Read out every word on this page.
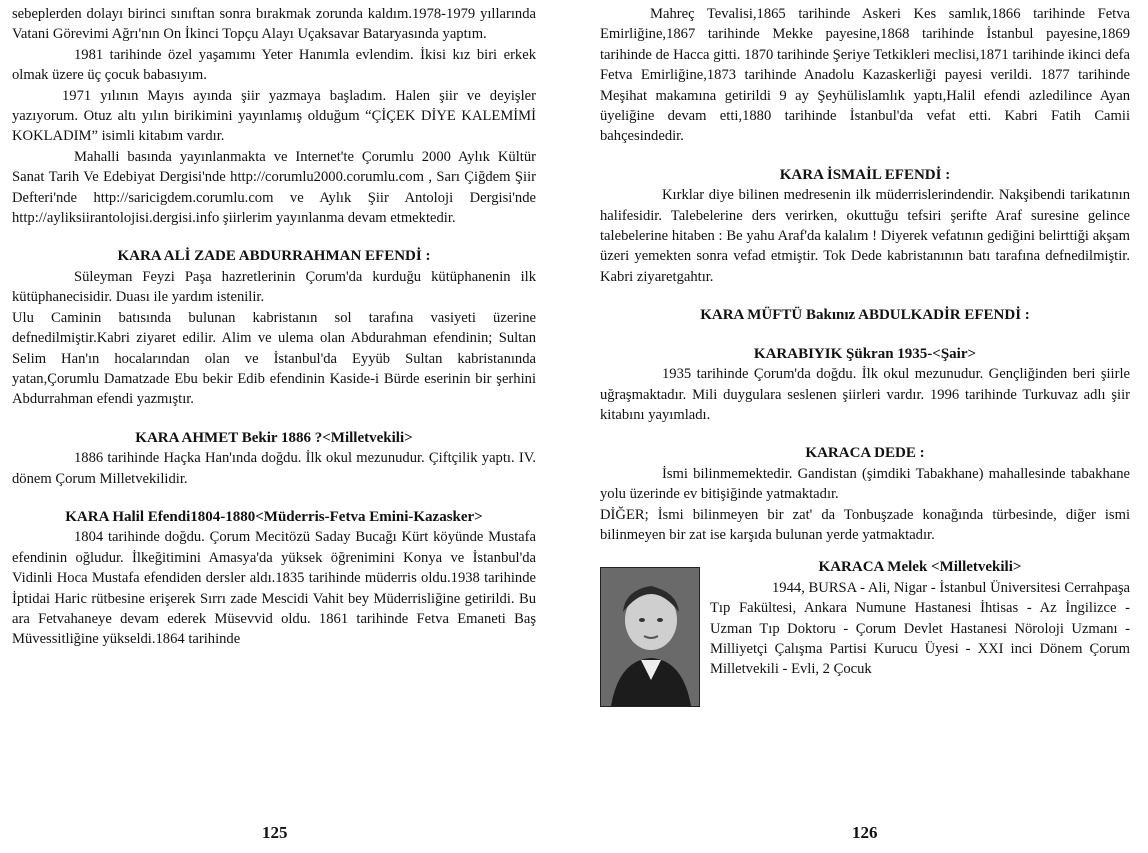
sebeplerden dolayı birinci sınıftan sonra bırakmak zorunda kaldım.1978-1979 yıllarında Vatani Görevimi Ağrı'nın On İkinci Topçu Alayı Uçaksavar Bataryasında yaptım.

1981 tarihinde özel yaşamımı Yeter Hanımla evlendim. İkisi kız biri erkek olmak üzere üç çocuk babasıyım.

1971 yılının Mayıs ayında şiir yazmaya başladım. Halen şiir ve deyişler yazıyorum. Otuz altı yılın birikimini yayınlamış olduğum “ÇİÇEK DİYE KALEMİMİ KOKLADIM” isimli kitabım vardır.

Mahalli basında yayınlanmakta ve Internet'te Çorumlu 2000 Aylık Kültür Sanat Tarih Ve Edebiyat Dergisi'nde http://corumlu2000.corumlu.com , Sarı Çiğdem Şiir Defteri'nde http://saricigdem.corumlu.com ve Aylık Şiir Antoloji Dergisi'nde http://ayliksiirantolojisi.dergisi.info şiirlerim yayınlanma devam etmektedir.

KARA ALİ ZADE ABDURRAHMAN EFENDİ :

Süleyman Feyzi Paşa hazretlerinin Çorum'da kurduğu kütüphanenin ilk kütüphanecisidir. Duası ile yardım istenilir.

Ulu Caminin batısında bulunan kabristanın sol tarafına vasiyeti üzerine defnedilmiştir.Kabri ziyaret edilir. Alim ve ulema olan Abdurahman efendinin; Sultan Selim Han'ın hocalarından olan ve İstanbul'da Eyyüb Sultan kabristanında yatan,Çorumlu Damatzade Ebu bekir Edib efendinin Kaside-i Bürde eserinin bir şerhini Abdurrahman efendi yazmıştır.

KARA AHMET Bekir 1886 ?<Milletvekili>

1886 tarihinde Haçka Han'ında doğdu. İlk okul mezunudur. Çiftçilik yaptı. IV. dönem Çorum Milletvekilidir.

KARA Halil Efendi1804-1880<Müderris-Fetva Emini-Kazasker>

1804 tarihinde doğdu. Çorum Mecitözü Saday Bucağı Kürt köyünde Mustafa efendinin oğludur. İlkeğitimini Amasya'da yüksek öğrenimini Konya ve İstanbul'da Vidinli Hoca Mustafa efendiden dersler aldı.1835 tarihinde müderris oldu.1938 tarihinde İptidai Haric rütbesine erişerek Sırrı zade Mescidi Vahit bey Müderrisliğine getirildi. Bu ara Fetvahaneye devam ederek Müsevvid oldu. 1861 tarihinde Fetva Emaneti Baş Müvessitliğine yükseldi.1864 tarihinde

125

Mahreç Tevalisi,1865 tarihinde Askeri Kes samlık,1866 tarihinde Fetva Emirliğine,1867 tarihinde Mekke payesine,1868 tarihinde İstanbul payesine,1869 tarihinde de Hacca gitti. 1870 tarihinde Şeriye Tetkikleri meclisi,1871 tarihinde ikinci defa Fetva Emirliğine,1873 tarihinde Anadolu Kazaskerliği payesi verildi. 1877 tarihinde Meşihat makamına getirildi 9 ay Şeyhülislamlık yaptı,Halil efendi azledilince Ayan üyeliğine devam etti,1880 tarihinde İstanbul'da vefat etti. Kabri Fatih Camii bahçesindedir.

KARA İSMAİL EFENDİ :

Kırklar diye bilinen medresenin ilk müderrislerindendir. Nakşibendi tarikatının halifesidir. Talebelerine ders verirken, okuttuğu tefsiri şerifte Araf suresine gelince talebelerine hitaben : Be yahu Araf'da kalalım ! Diyerek vefatının gediğini belirttiği akşam üzeri yemekten sonra vefad etmiştir. Tok Dede kabristanının batı tarafına defnedilmiştir. Kabri ziyaretgahtır.

KARA MÜFTÜ Bakınız ABDULKADİR EFENDİ :
KARABIYIK Şükran 1935-<Şair>

1935 tarihinde Çorum'da doğdu. İlk okul mezunudur. Gençliğinden beri şiirle uğraşmaktadır. Mili duygulara seslenen şiirleri vardır. 1996 tarihinde Turkuvaz adlı şiir kitabını yayımladı.

KARACA DEDE :

İsmi bilinmemektedir. Gandistan (şimdiki Tabakhane) mahallesinde tabakhane yolu üzerinde ev bitişiğinde yatmaktadır.

DİĞER; İsmi bilinmeyen bir zat' da Tonbuşzade konağında türbesinde, diğer ismi bilinmeyen bir zat ise karşıda bulunan yerde yatmaktadır.

KARACA Melek <Milletvekili>

1944, BURSA - Ali, Nigar - İstanbul Üniversitesi Cerrahpaşa Tıp Fakültesi, Ankara Numune Hastanesi İhtisas - Az İngilizce - Uzman Tıp Doktoru - Çorum Devlet Hastanesi Nöroloji Uzmanı - Milliyetçi Çalışma Partisi Kurucu Üyesi - XXI inci Dönem Çorum Milletvekili - Evli, 2 Çocuk

126
